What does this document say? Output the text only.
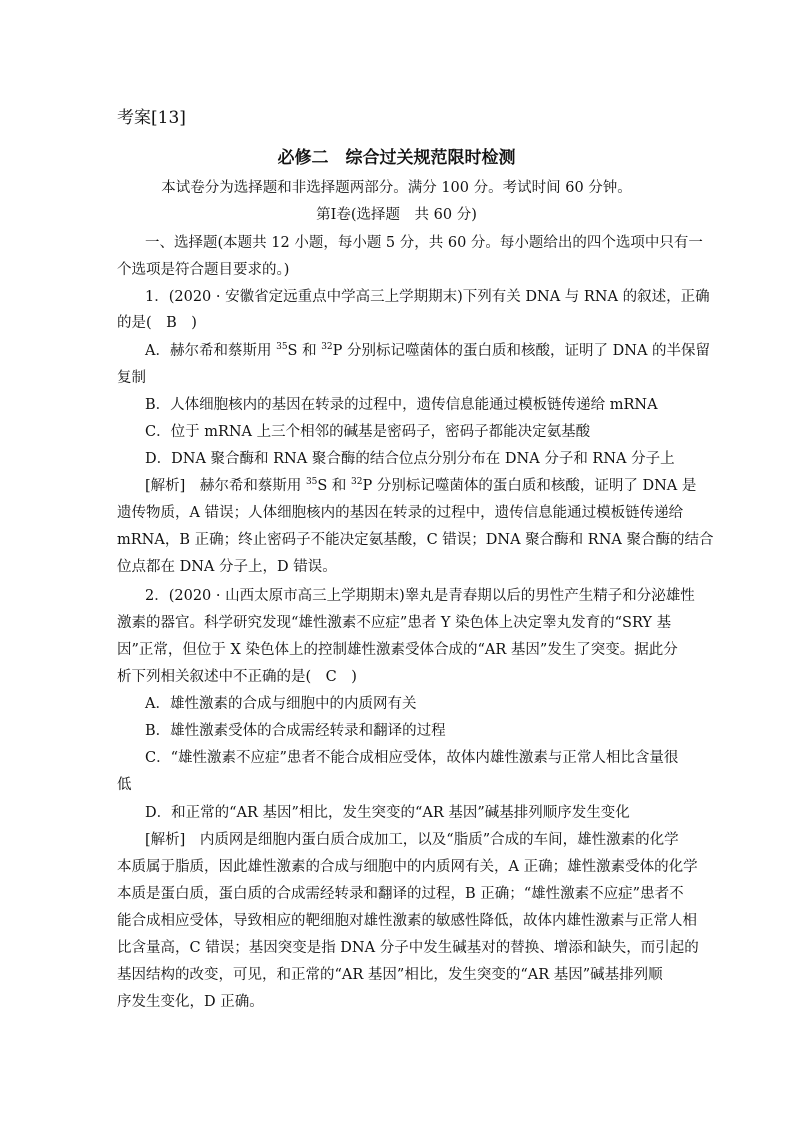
考案[13]
必修二　综合过关规范限时检测
本试卷分为选择题和非选择题两部分。满分 100 分。考试时间 60 分钟。
第Ⅰ卷(选择题　共 60 分)
一、选择题(本题共 12 小题，每小题 5 分，共 60 分。每小题给出的四个选项中只有一
个选项是符合题目要求的。)
1．(2020 · 安徽省定远重点中学高三上学期期末)下列有关 DNA 与 RNA 的叙述，正确
的是(　B　)
A．赫尔希和蔡斯用 $^{35}$S 和 $^{32}$P 分别标记噬菌体的蛋白质和核酸，证明了 DNA 的半保留
复制
B．人体细胞核内的基因在转录的过程中，遗传信息能通过模板链传递给 mRNA
C．位于 mRNA 上三个相邻的碱基是密码子，密码子都能决定氨基酸
D．DNA 聚合酶和 RNA 聚合酶的结合位点分别分布在 DNA 分子和 RNA 分子上
[解析]　赫尔希和蔡斯用 $^{35}$S 和 $^{32}$P 分别标记噬菌体的蛋白质和核酸，证明了 DNA 是
遗传物质，A 错误；人体细胞核内的基因在转录的过程中，遗传信息能通过模板链传递给
mRNA，B 正确；终止密码子不能决定氨基酸，C 错误；DNA 聚合酶和 RNA 聚合酶的结合
位点都在 DNA 分子上，D 错误。
2．(2020 · 山西太原市高三上学期期末)睾丸是青春期以后的男性产生精子和分泌雄性
激素的器官。科学研究发现“雄性激素不应症”患者 Y 染色体上决定睾丸发育的“SRY 基
因”正常，但位于 X 染色体上的控制雄性激素受体合成的“AR 基因”发生了突变。据此分
析下列相关叙述中不正确的是(　C　)
A．雄性激素的合成与细胞中的内质网有关
B．雄性激素受体的合成需经转录和翻译的过程
C．“雄性激素不应症”患者不能合成相应受体，故体内雄性激素与正常人相比含量很
低
D．和正常的“AR 基因”相比，发生突变的“AR 基因”碱基排列顺序发生变化
[解析]　内质网是细胞内蛋白质合成加工，以及“脂质”合成的车间，雄性激素的化学
本质属于脂质，因此雄性激素的合成与细胞中的内质网有关，A 正确；雄性激素受体的化学
本质是蛋白质，蛋白质的合成需经转录和翻译的过程，B 正确；“雄性激素不应症”患者不
能合成相应受体，导致相应的靶细胞对雄性激素的敏感性降低，故体内雄性激素与正常人相
比含量高，C 错误；基因突变是指 DNA 分子中发生碱基对的替换、增添和缺失，而引起的
基因结构的改变，可见，和正常的“AR 基因”相比，发生突变的“AR 基因”碱基排列顺
序发生变化，D 正确。
